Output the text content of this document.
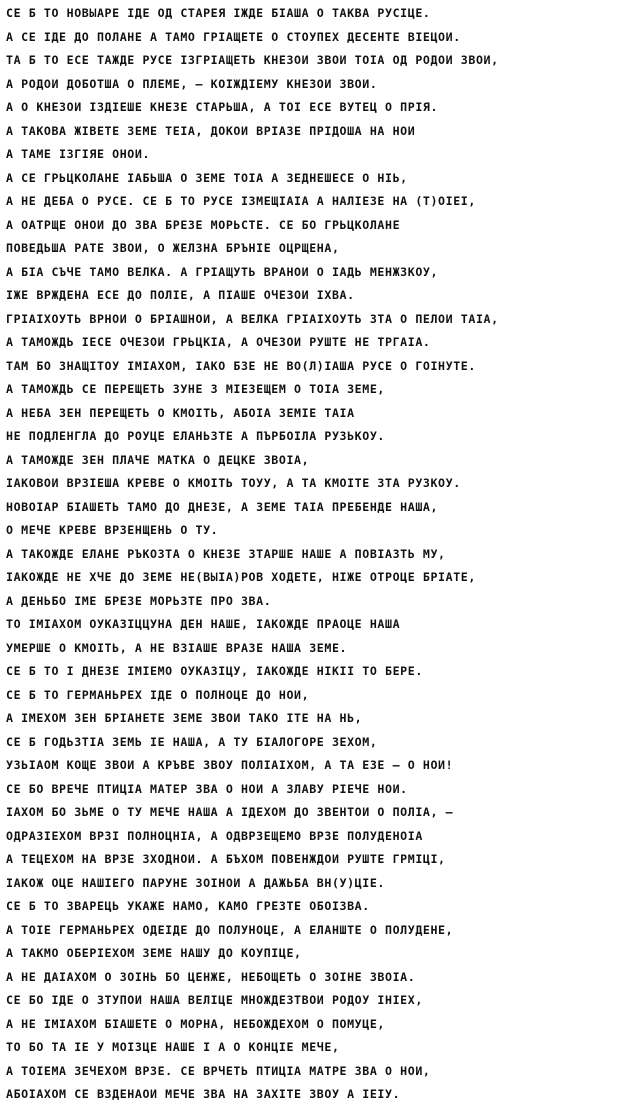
СЕ Б ТО НОВЫАРЕ ІДЕ ОД СТАРЕЯ ІЖДЕ БІАША О ТАКВА РУСІЦЕ.
А СЕ ІДЕ ДО ПОЛАНЕ А ТАМО ГРІАЩЕТЕ О СТОУПЕХ ДЕСЕНТЕ ВІЕЦОИ.
ТА Б ТО ЕСЕ ТАЖДЕ РУСЕ ІЗГРІАЩЕТЬ КНЕЗОИ ЗВОИ ТОІА ОД РОДОИ ЗВОИ,
А РОДОИ ДОБОТША О ПЛЕМЕ, — КОІЖДІЕМУ КНЕЗОИ ЗВОИ.
А О КНЕЗОИ ІЗДІЕШЕ КНЕЗЕ СТАРЬША, А ТОІ ЕСЕ ВУТЕЦ О ПРІЯ.
А ТАКОВА ЖІВЕТЕ ЗЕМЕ ТЕІА, ДОКОИ ВРІАЗЕ ПРІДОША НА НОИ
А ТАМЕ ІЗГІЯЕ ОНОИ.
А СЕ ГРЬЦКОЛАНЕ ІАБЬША О ЗЕМЕ ТОІА А ЗЕДНЕШЕСЕ О НІЬ,
А НЕ ДЕБА О РУСЕ. СЕ Б ТО РУСЕ ІЗМЕЩІАІА А НАЛІЕЗЕ НА (Т)ОІЕІ,
А ОАТРЩЕ ОНОИ ДО ЗВА БРЕЗЕ МОРЬСТЕ. СЕ БО ГРЬЦКОЛАНЕ
ПОВЕДЬША РАТЕ ЗВОИ, О ЖЕЛЗНА БРЪНІЕ ОЦРЩЕНА,
А БІА СЪЧЕ ТАМО ВЕЛКА. А ГРІАЩУТЬ ВРАНОИ О ІАДЬ МЕНЖЗКОУ,
ІЖЕ ВРЖДЕНА ЕСЕ ДО ПОЛІЕ, А ПІАШЕ ОЧЕЗОИ ІХВА.
ГРІАІХОУТЬ ВРНОИ О БРІАШНОИ, А ВЕЛКА ГРІАІХОУТЬ ЗТА О ПЕЛОИ ТАІА,
А ТАМОЖДЬ ІЕСЕ ОЧЕЗОИ ГРЬЦКІА, А ОЧЕЗОИ РУШТЕ НЕ ТРГАІА.
ТАМ БО ЗНАЩІТОУ ІМІАХОМ, ІАКО БЗЕ НЕ ВО(Л)ІАША РУСЕ О ГОІНУТЕ.
А ТАМОЖДЬ СЕ ПЕРЕЩЕТЬ ЗУНЕ З МІЕЗЕЩЕМ О ТОІА ЗЕМЕ,
А НЕБА ЗЕН ПЕРЕЩЕТЬ О КМОІТЬ, АБОІА ЗЕМІЕ ТАІА
НЕ ПОДЛЕНГЛА ДО РОУЦЕ ЕЛАНЬЗТЕ А ПЪРБОІЛА РУЗЬКОУ.
А ТАМОЖДЕ ЗЕН ПЛАЧЕ МАТКА О ДЕЦКЕ ЗВОІА,
ІАКОВОИ ВРЗІЕША КРЕВЕ О КМОІТЬ ТОУУ, А ТА КМОІТЕ ЗТА РУЗКОУ.
НОВОІАР БІАШЕТЬ ТАМО ДО ДНЕЗЕ, А ЗЕМЕ ТАІА ПРЕБЕНДЕ НАША,
О МЕЧЕ КРЕВЕ ВРЗЕНЩЕНЬ О ТУ.
А ТАКОЖДЕ ЕЛАНЕ РЪКОЗТА О КНЕЗЕ ЗТАРШЕ НАШЕ А ПОВІАЗТЬ МУ,
ІАКОЖДЕ НЕ ХЧЕ ДО ЗЕМЕ НЕ(ВЫІА)РОВ ХОДЕТЕ, НІЖЕ ОТРОЦЕ БРІАТЕ,
А ДЕНЬБО ІМЕ БРЕЗЕ МОРЬЗТЕ ПРО ЗВА.
ТО ІМІАХОМ ОУКАЗІЦЦУНА ДЕН НАШЕ, ІАКОЖДЕ ПРАОЦЕ НАША
УМЕРШЕ О КМОІТЬ, А НЕ ВЗІАШЕ ВРАЗЕ НАША ЗЕМЕ.
СЕ Б ТО І ДНЕЗЕ ІМІЕМО ОУКАЗІЦУ, ІАКОЖДЕ НІКІІ ТО БЕРЕ.
СЕ Б ТО ГЕРМАНЬРЕХ ІДЕ О ПОЛНОЦЕ ДО НОИ,
А ІМЕХОМ ЗЕН БРІАНЕТЕ ЗЕМЕ ЗВОИ ТАКО ІТЕ НА НЬ,
СЕ Б ГОДЬЗТІА ЗЕМЬ ІЕ НАША, А ТУ БІАЛОГОРЕ ЗЕХОМ,
УЗЬІАОМ КОЩЕ ЗВОИ А КРЪВЕ ЗВОУ ПОЛІАІХОМ, А ТА ЕЗЕ — О НОИ!
СЕ БО ВРЕЧЕ ПТИЦІА МАТЕР ЗВА О НОИ А ЗЛАВУ РІЕЧЕ НОИ.
ІАХОМ БО ЗЬМЕ О ТУ МЕЧЕ НАША А ІДЕХОМ ДО ЗВЕНТОИ О ПОЛІА, —
ОДРАЗІЕХОМ ВРЗІ ПОЛНОЦНІА, А ОДВРЗЕЩЕМО ВРЗЕ ПОЛУДЕНОІА
А ТЕЦЕХОМ НА ВРЗЕ ЗХОДНОИ. А БЪХОМ ПОВЕНЖДОИ РУШТЕ ГРМІЦІ,
ІАКОЖ ОЦЕ НАШІЕГО ПАРУНЕ ЗОІНОИ А ДАЖЬБА ВН(У)ЦІЕ.
СЕ Б ТО ЗВАРЕЦЬ УКАЖЕ НАМО, КАМО ГРЕЗТЕ ОБОІЗВА.
А ТОІЕ ГЕРМАНЬРЕХ ОДЕІДЕ ДО ПОЛУНОЦЕ, А ЕЛАНШТЕ О ПОЛУДЕНЕ,
А ТАКМО ОБЕРІЕХОМ ЗЕМЕ НАШУ ДО КОУПІЦЕ,
А НЕ ДАІАХОМ О ЗОІНЬ БО ЦЕНЖЕ, НЕБОЩЕТЬ О ЗОІНЕ ЗВОІА.
СЕ БО ІДЕ О ЗТУПОИ НАША ВЕЛІЦЕ МНОЖДЕЗТВОИ РОДОУ ІНІЕХ,
А НЕ ІМІАХОМ БІАШЕТЕ О МОРНА, НЕБОЖДЕХОМ О ПОМУЦЕ,
ТО БО ТА ІЕ У МОІЗЦЕ НАШЕ І А О КОНЦІЕ МЕЧЕ,
А ТОІЕМА ЗЕЧЕХОМ ВРЗЕ. СЕ ВРЧЕТЬ ПТИЦІА МАТРЕ ЗВА О НОИ,
АБОІАХОМ СЕ ВЗДЕНАОИ МЕЧЕ ЗВА НА ЗАХІТЕ ЗВОУ А ІЕІУ.
